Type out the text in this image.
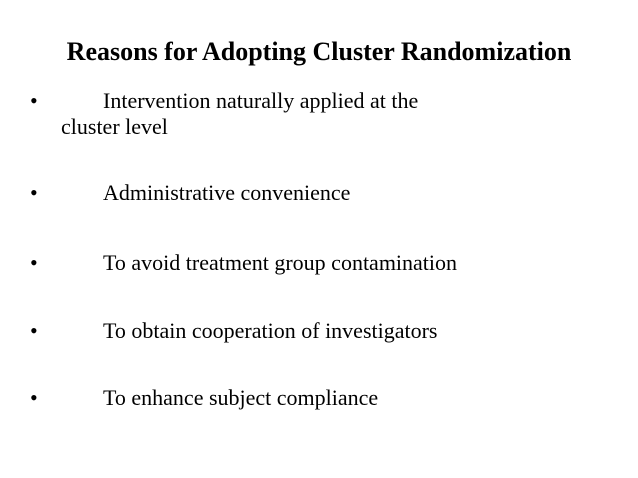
Reasons for Adopting Cluster Randomization
•	Intervention naturally applied at the
cluster level
•	Administrative convenience
•	To avoid treatment group contamination
•	To obtain cooperation of investigators
•	To enhance subject compliance
